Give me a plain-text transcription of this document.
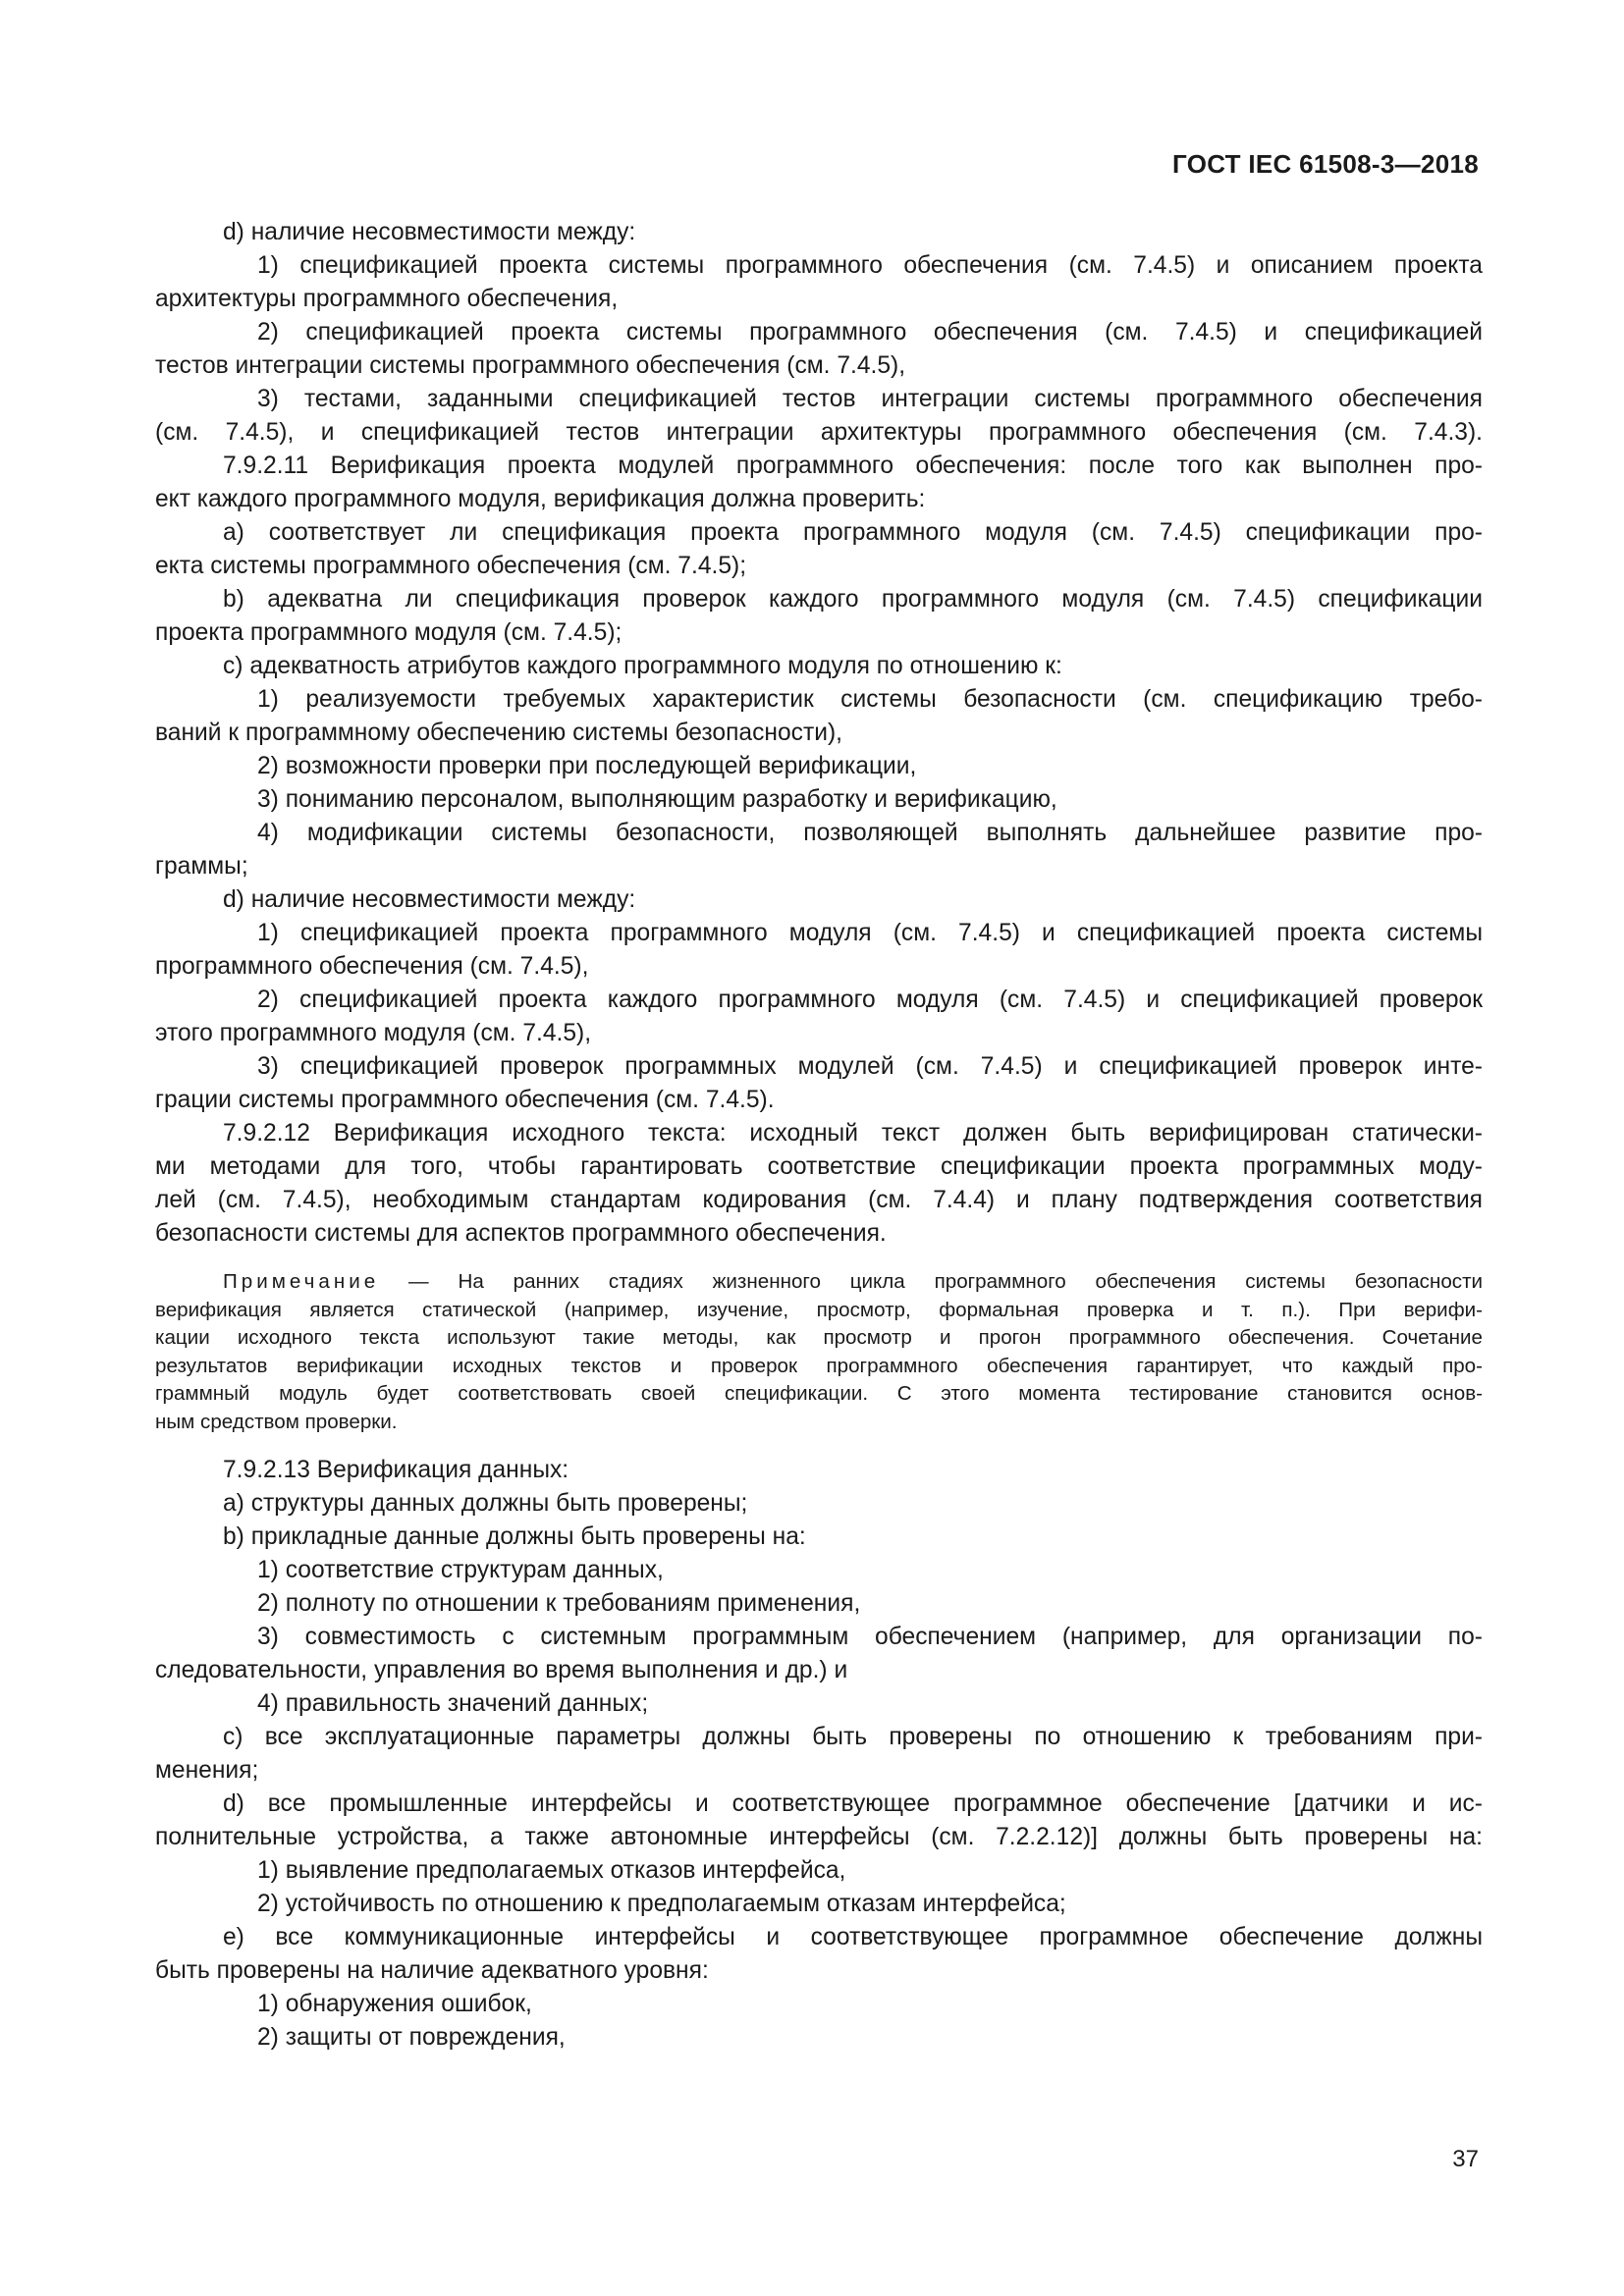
ГОСТ IEC 61508-3—2018
d) наличие несовместимости между:
1) спецификацией проекта системы программного обеспечения (см. 7.4.5) и описанием проекта
архитектуры программного обеспечения,
2) спецификацией проекта системы программного обеспечения (см. 7.4.5) и спецификацией
тестов интеграции системы программного обеспечения (см. 7.4.5),
3) тестами, заданными спецификацией тестов интеграции системы программного обеспечения
(см. 7.4.5), и спецификацией тестов интеграции архитектуры программного обеспечения (см. 7.4.3).
7.9.2.11 Верификация проекта модулей программного обеспечения: после того как выполнен про-
ект каждого программного модуля, верификация должна проверить:
a) соответствует ли спецификация проекта программного модуля (см. 7.4.5) спецификации про-
екта системы программного обеспечения (см. 7.4.5);
b) адекватна ли спецификация проверок каждого программного модуля (см. 7.4.5) спецификации
проекта программного модуля (см. 7.4.5);
c) адекватность атрибутов каждого программного модуля по отношению к:
1) реализуемости требуемых характеристик системы безопасности (см. спецификацию требо-
ваний к программному обеспечению системы безопасности),
2) возможности проверки при последующей верификации,
3) пониманию персоналом, выполняющим разработку и верификацию,
4) модификации системы безопасности, позволяющей выполнять дальнейшее развитие про-
граммы;
d) наличие несовместимости между:
1) спецификацией проекта программного модуля (см. 7.4.5) и спецификацией проекта системы
программного обеспечения (см. 7.4.5),
2) спецификацией проекта каждого программного модуля (см. 7.4.5) и спецификацией проверок
этого программного модуля (см. 7.4.5),
3) спецификацией проверок программных модулей (см. 7.4.5) и спецификацией проверок инте-
грации системы программного обеспечения (см. 7.4.5).
7.9.2.12 Верификация исходного текста: исходный текст должен быть верифицирован статически-
ми методами для того, чтобы гарантировать соответствие спецификации проекта программных моду-
лей (см. 7.4.5), необходимым стандартам кодирования (см. 7.4.4) и плану подтверждения соответствия
безопасности системы для аспектов программного обеспечения.
Примечание — На ранних стадиях жизненного цикла программного обеспечения системы безопасности
верификация является статической (например, изучение, просмотр, формальная проверка и т. п.). При верифи-
кации исходного текста используют такие методы, как просмотр и прогон программного обеспечения. Сочетание
результатов верификации исходных текстов и проверок программного обеспечения гарантирует, что каждый про-
граммный модуль будет соответствовать своей спецификации. С этого момента тестирование становится основ-
ным средством проверки.
7.9.2.13 Верификация данных:
a) структуры данных должны быть проверены;
b) прикладные данные должны быть проверены на:
1) соответствие структурам данных,
2) полноту по отношении к требованиям применения,
3) совместимость с системным программным обеспечением (например, для организации по-
следовательности, управления во время выполнения и др.) и
4) правильность значений данных;
c) все эксплуатационные параметры должны быть проверены по отношению к требованиям при-
менения;
d) все промышленные интерфейсы и соответствующее программное обеспечение [датчики и ис-
полнительные устройства, а также автономные интерфейсы (см. 7.2.2.12)] должны быть проверены на:
1) выявление предполагаемых отказов интерфейса,
2) устойчивость по отношению к предполагаемым отказам интерфейса;
e) все коммуникационные интерфейсы и соответствующее программное обеспечение должны
быть проверены на наличие адекватного уровня:
1) обнаружения ошибок,
2) защиты от повреждения,
37
